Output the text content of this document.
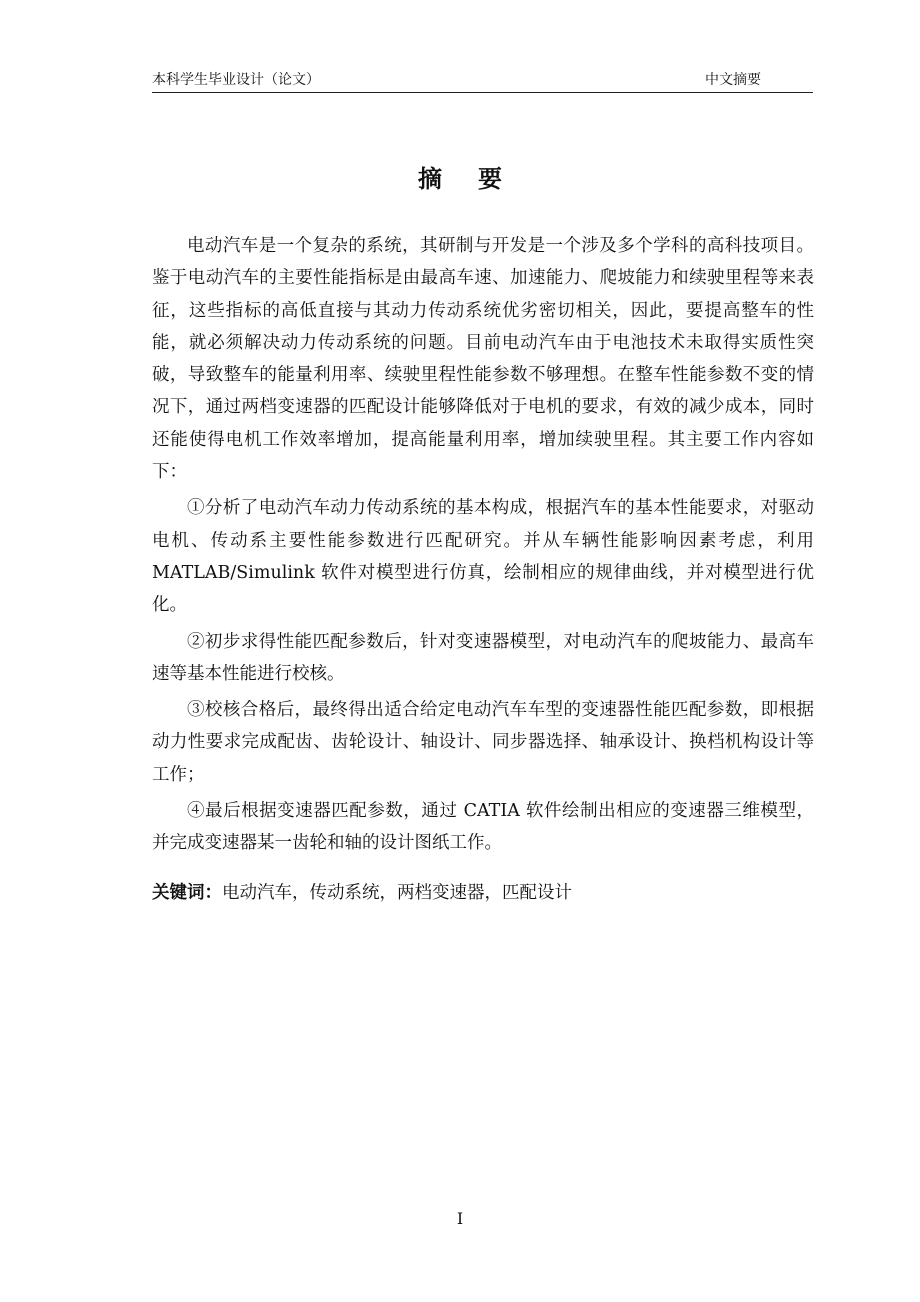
本科学生毕业设计（论文）	中文摘要
摘要

电动汽车是一个复杂的系统，其研制与开发是一个涉及多个学科的高科技项目。鉴于电动汽车的主要性能指标是由最高车速、加速能力、爬坡能力和续驶里程等来表征，这些指标的高低直接与其动力传动系统优劣密切相关，因此，要提高整车的性能，就必须解决动力传动系统的问题。目前电动汽车由于电池技术未取得实质性突破，导致整车的能量利用率、续驶里程性能参数不够理想。在整车性能参数不变的情况下，通过两档变速器的匹配设计能够降低对于电机的要求，有效的减少成本，同时还能使得电机工作效率增加，提高能量利用率，增加续驶里程。其主要工作内容如下：

①分析了电动汽车动力传动系统的基本构成，根据汽车的基本性能要求，对驱动电机、传动系主要性能参数进行匹配研究。并从车辆性能影响因素考虑，利用 MATLAB/Simulink 软件对模型进行仿真，绘制相应的规律曲线，并对模型进行优化。

②初步求得性能匹配参数后，针对变速器模型，对电动汽车的爬坡能力、最高车速等基本性能进行校核。

③校核合格后，最终得出适合给定电动汽车车型的变速器性能匹配参数，即根据动力性要求完成配齿、齿轮设计、轴设计、同步器选择、轴承设计、换档机构设计等工作；

④最后根据变速器匹配参数，通过 CATIA 软件绘制出相应的变速器三维模型，并完成变速器某一齿轮和轴的设计图纸工作。

关键词：电动汽车，传动系统，两档变速器，匹配设计
I
